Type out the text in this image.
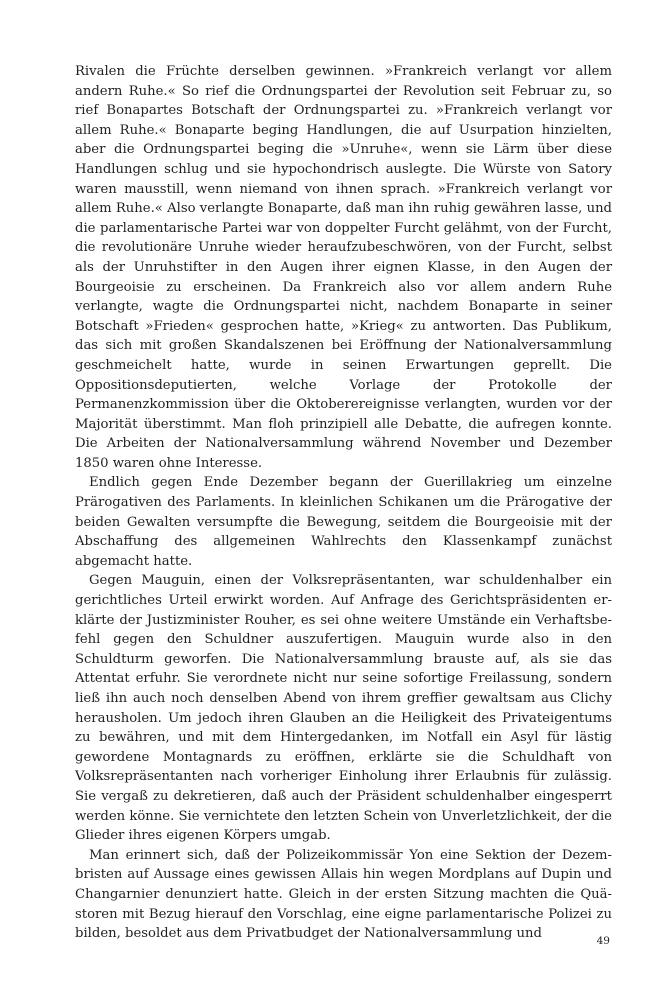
Rivalen die Früchte derselben gewinnen. »Frankreich verlangt vor allem andern Ruhe.« So rief die Ordnungspartei der Revolution seit Februar zu, so rief Bonapartes Botschaft der Ordnungspartei zu. »Frankreich verlangt vor allem Ruhe.« Bonaparte beging Handlungen, die auf Usurpation hinzielten, aber die Ordnungspartei beging die »Unruhe«, wenn sie Lärm über diese Handlungen schlug und sie hypochondrisch auslegte. Die Würste von Satory waren mausstill, wenn niemand von ihnen sprach. »Frankreich verlangt vor allem Ruhe.« Also verlangte Bonaparte, daß man ihn ruhig gewähren lasse, und die parlamentarische Partei war von doppelter Furcht gelähmt, von der Furcht, die revolutionäre Unruhe wieder heraufzubeschwören, von der Furcht, selbst als der Unruhstifter in den Augen ihrer eignen Klasse, in den Augen der Bourgeoisie zu erscheinen. Da Frankreich also vor allem andern Ruhe verlangte, wagte die Ordnungspartei nicht, nachdem Bonaparte in seiner Botschaft »Frieden« gesprochen hatte, »Krieg« zu antworten. Das Publikum, das sich mit großen Skandalszenen bei Eröffnung der Nationalversammlung geschmeichelt hatte, wurde in seinen Erwartungen geprellt. Die Oppositionsdeputierten, welche Vorlage der Protokolle der Permanenzkommission über die Oktoberereignisse verlangten, wurden vor der Majorität überstimmt. Man floh prinzipiell alle Debatte, die aufregen konnte. Die Arbeiten der Nationalversammlung während November und Dezember 1850 waren ohne Interesse.

Endlich gegen Ende Dezember begann der Guerillakrieg um einzelne Prärogativen des Parlaments. In kleinlichen Schikanen um die Prärogative der beiden Gewalten versumpfte die Bewegung, seitdem die Bourgeoisie mit der Abschaffung des allgemeinen Wahlrechts den Klassenkampf zunächst abgemacht hatte.

Gegen Mauguin, einen der Volksrepräsentanten, war schuldenhalber ein gerichtliches Urteil erwirkt worden. Auf Anfrage des Gerichtspräsidenten erklärte der Justizminister Rouher, es sei ohne weitere Umstände ein Verhaftsbefehl gegen den Schuldner auszufertigen. Mauguin wurde also in den Schuldturm geworfen. Die Nationalversammlung brauste auf, als sie das Attentat erfuhr. Sie verordnete nicht nur seine sofortige Freilassung, sondern ließ ihn auch noch denselben Abend von ihrem greffier gewaltsam aus Clichy herausholen. Um jedoch ihren Glauben an die Heiligkeit des Privateigentums zu bewähren, und mit dem Hintergedanken, im Notfall ein Asyl für lästig gewordene Montagnards zu eröffnen, erklärte sie die Schuldhaft von Volksrepräsentanten nach vorheriger Einholung ihrer Erlaubnis für zulässig. Sie vergaß zu dekretieren, daß auch der Präsident schuldenhalber eingesperrt werden könne. Sie vernichtete den letzten Schein von Unverletzlichkeit, der die Glieder ihres eigenen Körpers umgab.

Man erinnert sich, daß der Polizeikommissär Yon eine Sektion der Dezembristen auf Aussage eines gewissen Allais hin wegen Mordplans auf Dupin und Changarnier denunziert hatte. Gleich in der ersten Sitzung machten die Quästoren mit Bezug hierauf den Vorschlag, eine eigne parlamentarische Polizei zu bilden, besoldet aus dem Privatbudget der Nationalversammlung und	49
